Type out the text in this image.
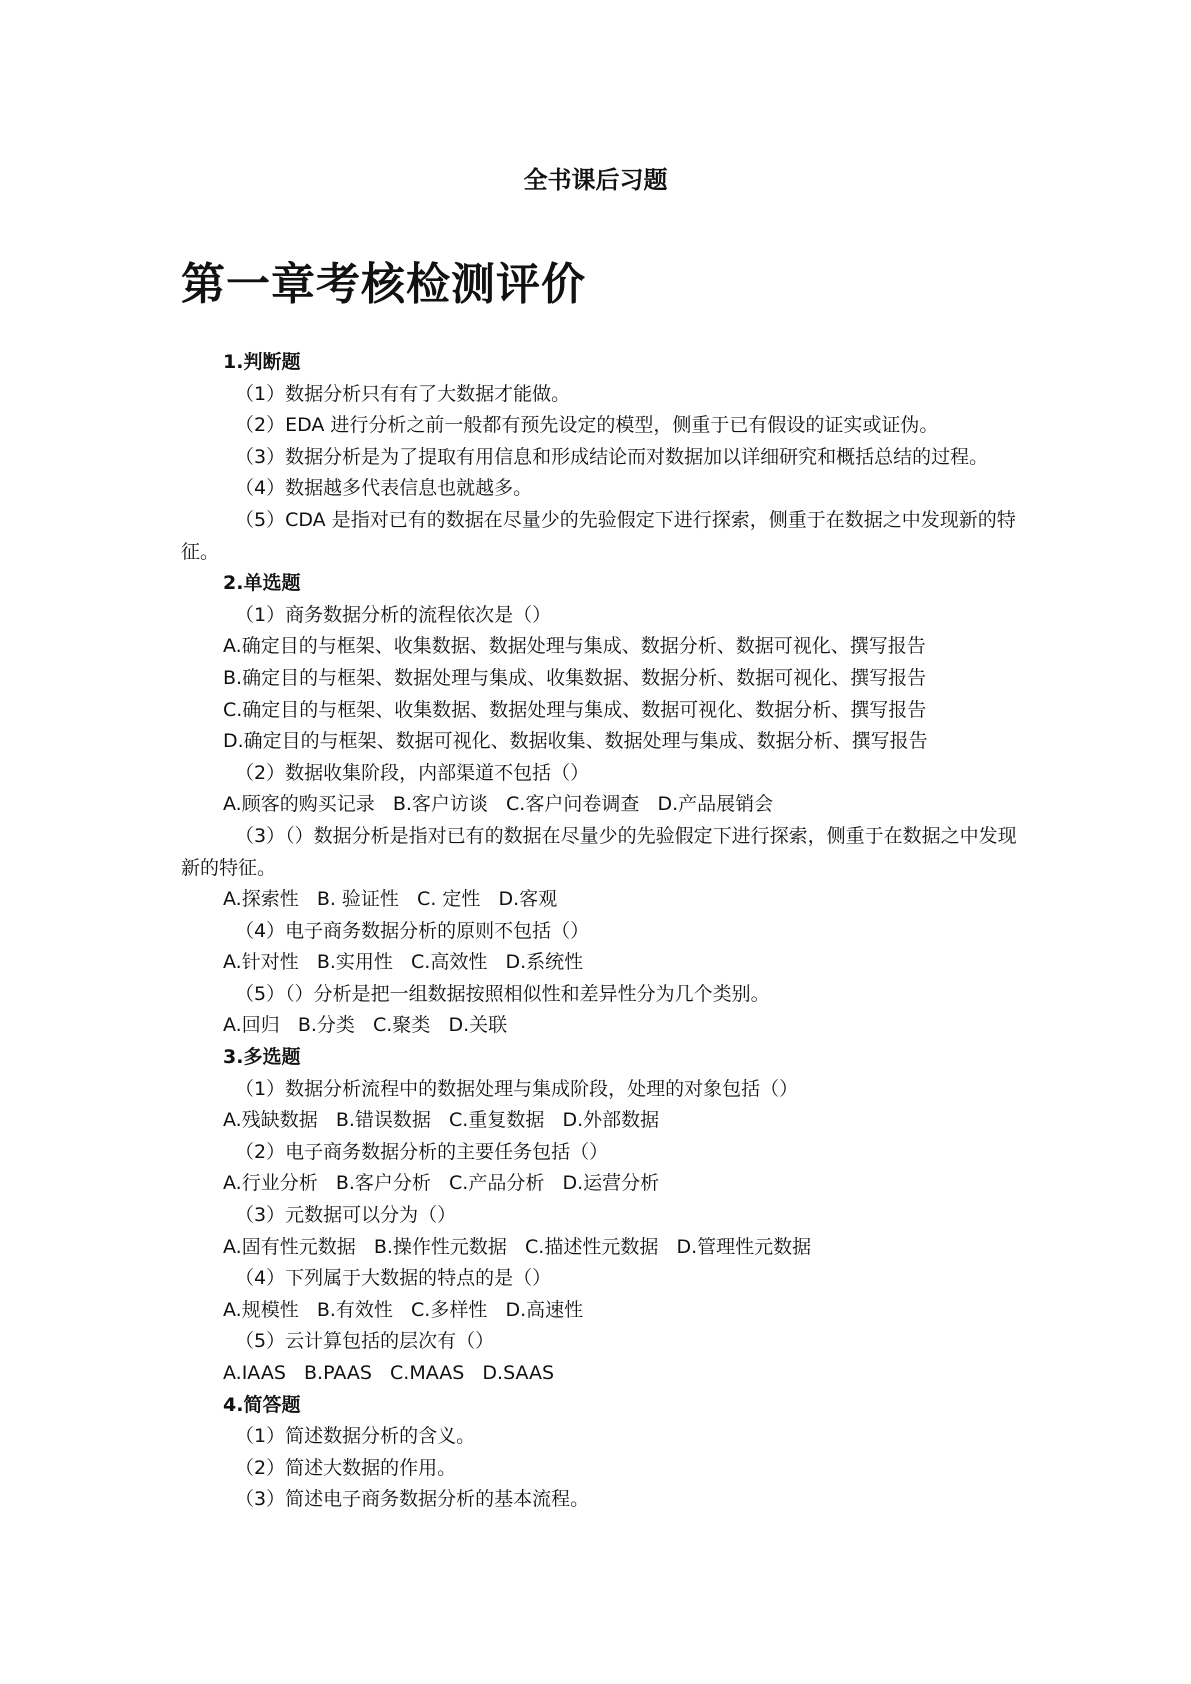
全书课后习题
第一章考核检测评价

1.判断题

（1）数据分析只有有了大数据才能做。

（2）EDA 进行分析之前一般都有预先设定的模型，侧重于已有假设的证实或证伪。

（3）数据分析是为了提取有用信息和形成结论而对数据加以详细研究和概括总结的过程。

（4）数据越多代表信息也就越多。

（5）CDA 是指对已有的数据在尽量少的先验假定下进行探索，侧重于在数据之中发现新的特征。

2.单选题

（1）商务数据分析的流程依次是（）

A.确定目的与框架、收集数据、数据处理与集成、数据分析、数据可视化、撰写报告

B.确定目的与框架、数据处理与集成、收集数据、数据分析、数据可视化、撰写报告

C.确定目的与框架、收集数据、数据处理与集成、数据可视化、数据分析、撰写报告

D.确定目的与框架、数据可视化、数据收集、数据处理与集成、数据分析、撰写报告

（2）数据收集阶段，内部渠道不包括（）

A.顾客的购买记录   B.客户访谈   C.客户问卷调查   D.产品展销会

（3）（）数据分析是指对已有的数据在尽量少的先验假定下进行探索，侧重于在数据之中发现新的特征。

A.探索性   B. 验证性   C. 定性   D.客观

（4）电子商务数据分析的原则不包括（）

A.针对性   B.实用性   C.高效性   D.系统性

（5）（）分析是把一组数据按照相似性和差异性分为几个类别。

A.回归   B.分类   C.聚类   D.关联

3.多选题

（1）数据分析流程中的数据处理与集成阶段，处理的对象包括（）

A.残缺数据   B.错误数据   C.重复数据   D.外部数据

（2）电子商务数据分析的主要任务包括（）

A.行业分析   B.客户分析   C.产品分析   D.运营分析

（3）元数据可以分为（）

A.固有性元数据   B.操作性元数据   C.描述性元数据   D.管理性元数据

（4）下列属于大数据的特点的是（）

A.规模性   B.有效性   C.多样性   D.高速性

（5）云计算包括的层次有（）

A.IAAS   B.PAAS   C.MAAS   D.SAAS

4.简答题

（1）简述数据分析的含义。

（2）简述大数据的作用。

（3）简述电子商务数据分析的基本流程。
